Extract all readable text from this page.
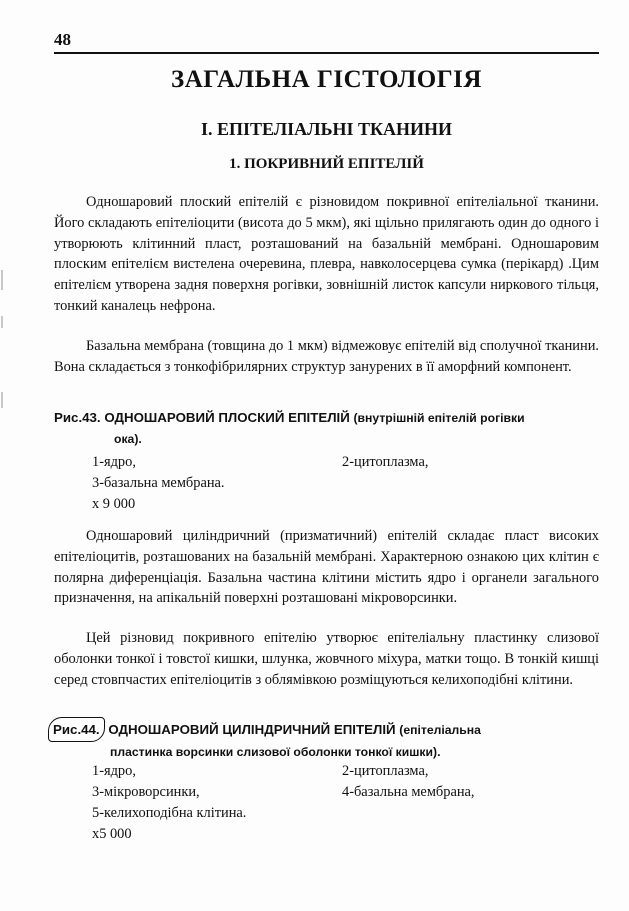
48
ЗАГАЛЬНА ГІСТОЛОГІЯ
І. ЕПІТЕЛІАЛЬНІ ТКАНИНИ
1. ПОКРИВНИЙ ЕПІТЕЛІЙ

Одношаровий плоский епітелій є різновидом покривної епітеліальної тканини. Його складають епітеліоцити (висота до 5 мкм), які щільно прилягають один до одного і утворюють клітинний пласт, розташований на базальній мембрані. Одношаровим плоским епітелієм вистелена очеревина, плевра, навколосерцева сумка (перікард) .Цим епітелієм утворена задня поверхня рогівки, зовнішній листок капсули ниркового тільця, тонкий каналець нефрона.

Базальна мембрана (товщина до 1 мкм) відмежовує епітелій від сполучної тканини. Вона складається з тонкофібрилярних структур занурених в її аморфний компонент.

Рис.43. ОДНОШАРОВИЙ ПЛОСКИЙ ЕПІТЕЛІЙ (внутрішній епітелій рогівки
ока).

1-ядро,	2-цитоплазма,
3-базальна мембрана.
х 9 000

Одношаровий циліндричний (призматичний) епітелій складає пласт високих епітеліоцитів, розташованих на базальній мембрані. Характерною ознакою цих клітин є полярна диференціація. Базальна частина клітини містить ядро і органели загального призначення, на апікальній поверхні розташовані мікроворсинки.

Цей різновид покривного епітелію утворює епітеліальну пластинку слизової оболонки тонкої і товстої кишки, шлунка, жовчного міхура, матки тощо. В тонкій кишці серед стовпчастих епітеліоцитів з облямівкою розміщуються келихоподібні клітини.

Рис.44. ОДНОШАРОВИЙ ЦИЛІНДРИЧНИЙ ЕПІТЕЛІЙ (епітеліальна
пластинка ворсинки слизової оболонки тонкої кишки).

1-ядро,	2-цитоплазма,
3-мікроворсинки,	4-базальна мембрана,
5-келихоподібна клітина.
х5 000
